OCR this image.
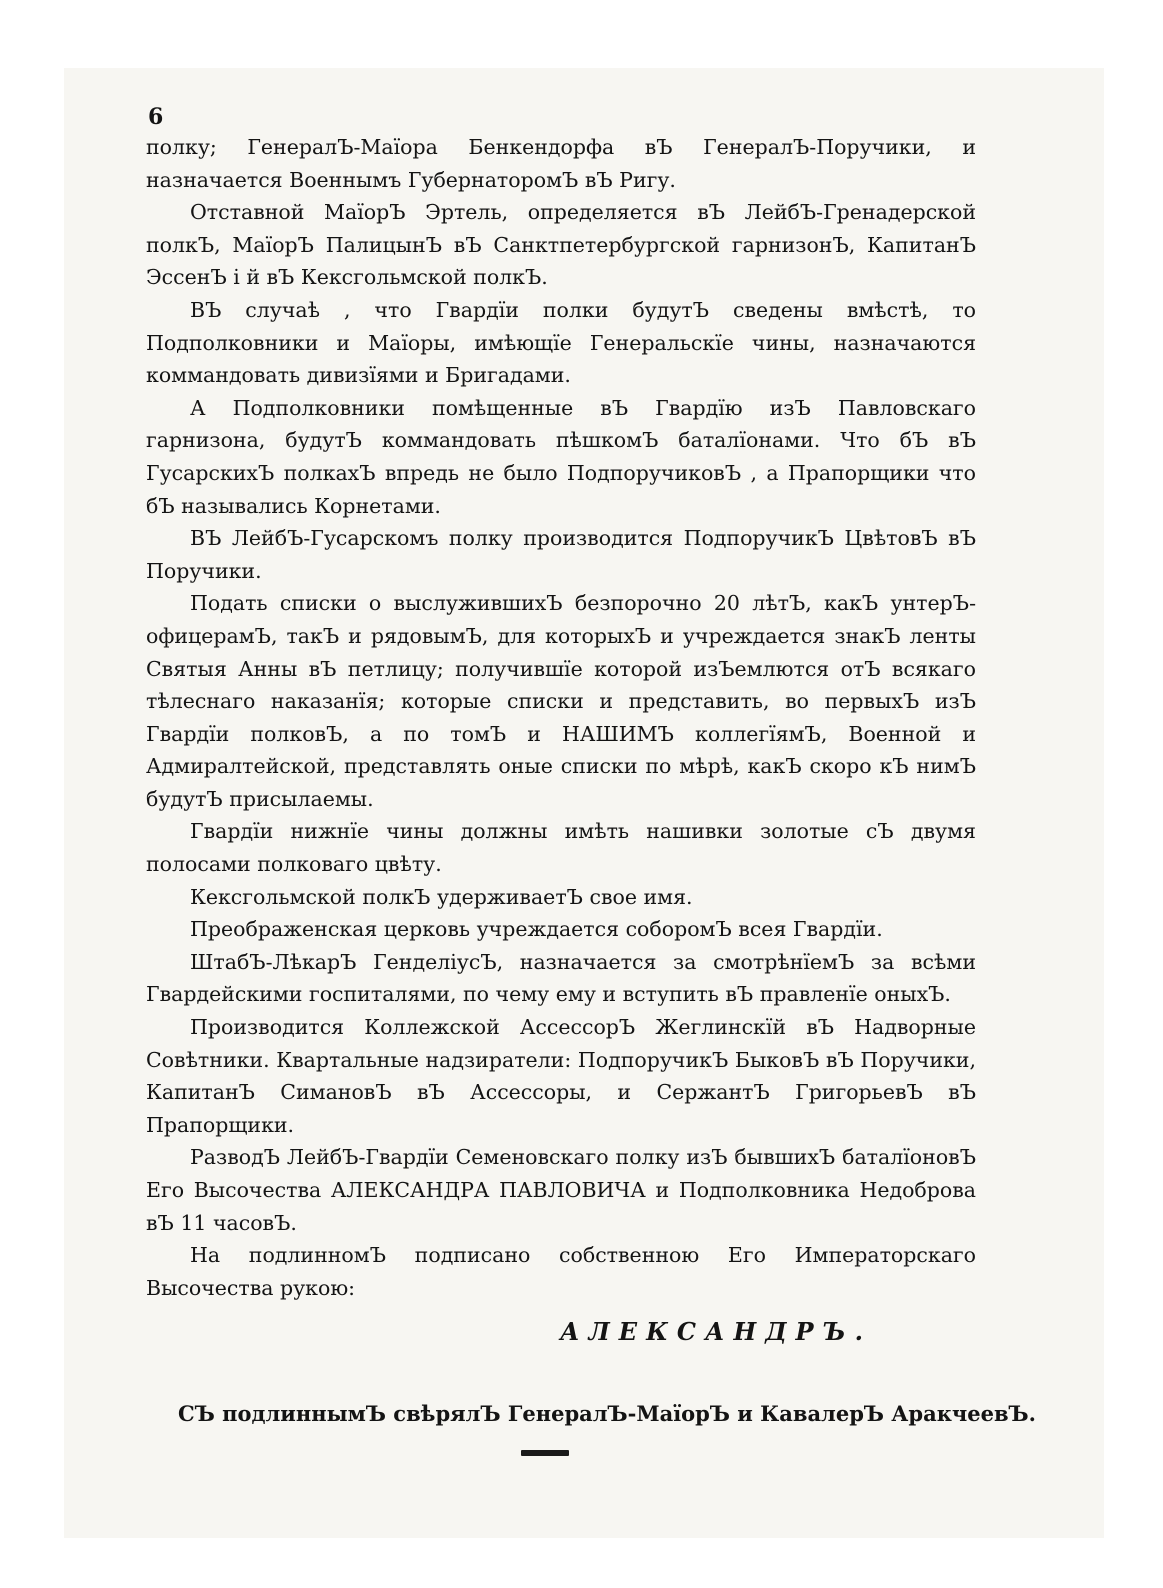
6

полку; ГенералЪ-Маїора Бенкендорфа вЪ ГенералЪ-Поручики, и назначается Военнымъ ГубернаторомЪ вЪ Ригу.

Отставной МаїорЪ Эртель, определяется вЪ ЛейбЪ-Гренадерской полкЪ, МаїорЪ ПалицынЪ вЪ Санктпетербургской гарнизонЪ, КапитанЪ ЭссенЪ і й вЪ Кексгольмской полкЪ.

ВЪ случаѣ , что Гвардїи полки будутЪ сведены вмѣстѣ, то Подполковники и Маїоры, имѣющїе Генеральскїе чины, назначаются коммандовать дивизїями и Бригадами.

А Подполковники помѣщенные вЪ Гвардїю изЪ Павловскаго гарнизона, будутЪ коммандовать пѣшкомЪ баталїонами. Что бЪ вЪ ГусарскихЪ полкахЪ впредь не было ПодпоручиковЪ , а Прапорщики что бЪ назывались Корнетами.

ВЪ ЛейбЪ-Гусарскомъ полку производится ПодпоручикЪ ЦвѣтовЪ вЪ Поручики.

Подать списки о выслужившихЪ безпорочно 20 лѣтЪ, какЪ унтерЪ-офицерамЪ, такЪ и рядовымЪ, для которыхЪ и учреждается знакЪ ленты Святыя Анны вЪ петлицу; получившїе которой изЪемлются отЪ всякаго тѣлеснаго наказанїя; которые списки и представить, во первыхЪ изЪ Гвардїи полковЪ, а по томЪ и НАШИМЪ коллегїямЪ, Военной и Адмиралтейской, представлять оные списки по мѣрѣ, какЪ скоро кЪ нимЪ будутЪ присылаемы.

Гвардїи нижнїе чины должны имѣть нашивки золотые сЪ двумя полосами полковаго цвѣту.

Кексгольмской полкЪ удерживаетЪ свое имя.

Преображенская церковь учреждается соборомЪ всея Гвардїи.

ШтабЪ-ЛѣкарЪ ГенделiусЪ, назначается за смотрѣнїемЪ за всѣми Гвардейскими госпиталями, по чему ему и вступить вЪ правленїе оныхЪ.

Производится Коллежской АссессорЪ Жеглинскїй вЪ Надворные Совѣтники. Квартальные надзиратели: ПодпоручикЪ БыковЪ вЪ Поручики, КапитанЪ СимановЪ вЪ Ассессоры, и СержантЪ ГригорьевЪ вЪ Прапорщики.

РазводЪ ЛейбЪ-Гвардїи Семеновскаго полку изЪ бывшихЪ баталїоновЪ Его Высочества АЛЕКСАНДРА ПАВЛОВИЧА и Подполковника Недоброва вЪ 11 часовЪ.

На подлинномЪ подписано собственною Его Императорскаго Высочества рукою:

АЛЕКСАНДРЪ.
СЪ подлиннымЪ свѣрялЪ ГенералЪ-МаїорЪ и КавалерЪ АракчеевЪ.
